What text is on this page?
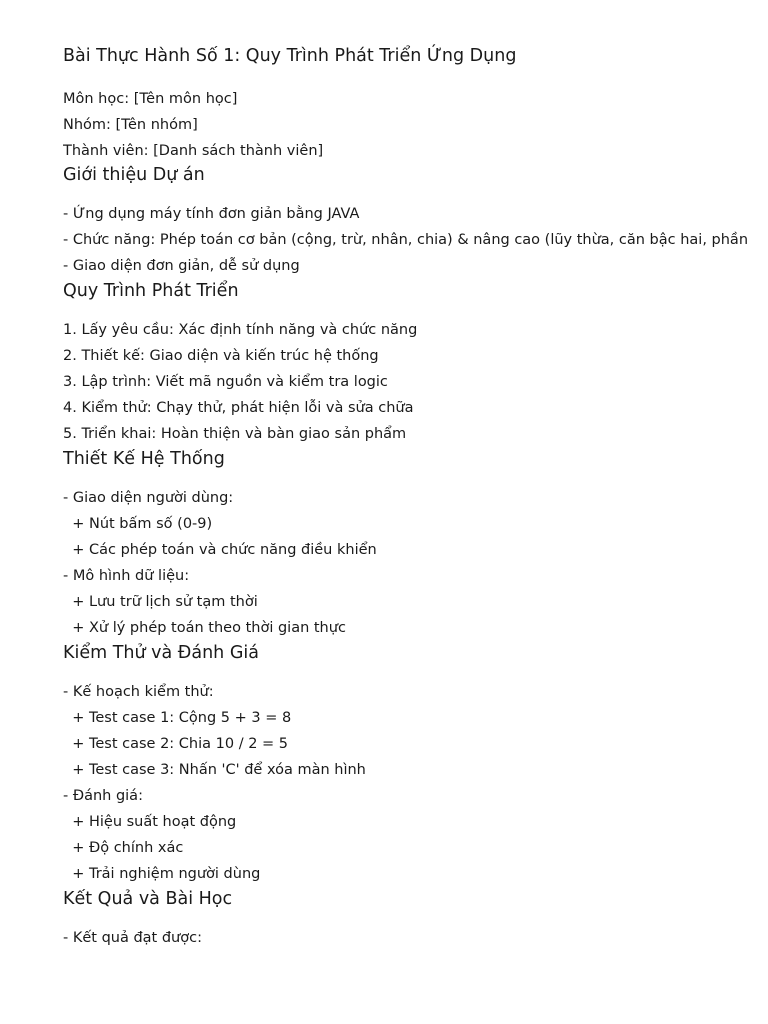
Bài Thực Hành Số 1: Quy Trình Phát Triển Ứng Dụng
Môn học: [Tên môn học]
Nhóm: [Tên nhóm]
Thành viên: [Danh sách thành viên]
Giới thiệu Dự án
- Ứng dụng máy tính đơn giản bằng JAVA
- Chức năng: Phép toán cơ bản (cộng, trừ, nhân, chia) & nâng cao (lũy thừa, căn bậc hai, phần
- Giao diện đơn giản, dễ sử dụng
Quy Trình Phát Triển
1. Lấy yêu cầu: Xác định tính năng và chức năng
2. Thiết kế: Giao diện và kiến trúc hệ thống
3. Lập trình: Viết mã nguồn và kiểm tra logic
4. Kiểm thử: Chạy thử, phát hiện lỗi và sửa chữa
5. Triển khai: Hoàn thiện và bàn giao sản phẩm
Thiết Kế Hệ Thống
- Giao diện người dùng:
+ Nút bấm số (0-9)
+ Các phép toán và chức năng điều khiển
- Mô hình dữ liệu:
+ Lưu trữ lịch sử tạm thời
+ Xử lý phép toán theo thời gian thực
Kiểm Thử và Đánh Giá
- Kế hoạch kiểm thử:
+ Test case 1: Cộng 5 + 3 = 8
+ Test case 2: Chia 10 / 2 = 5
+ Test case 3: Nhấn 'C' để xóa màn hình
- Đánh giá:
+ Hiệu suất hoạt động
+ Độ chính xác
+ Trải nghiệm người dùng
Kết Quả và Bài Học
- Kết quả đạt được:
